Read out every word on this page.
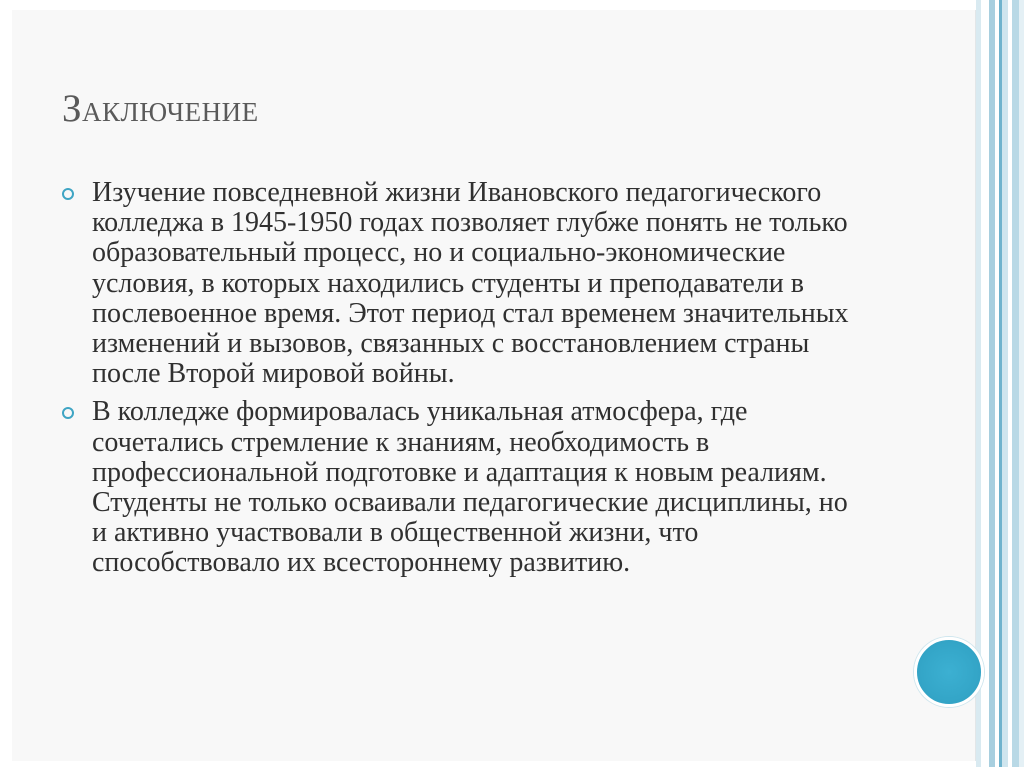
Заключение
Изучение повседневной жизни Ивановского педагогического колледжа в 1945-1950 годах позволяет глубже понять не только образовательный процесс, но и социально-экономические условия, в которых находились студенты и преподаватели в послевоенное время. Этот период стал временем значительных изменений и вызовов, связанных с восстановлением страны после Второй мировой войны.
В колледже формировалась уникальная атмосфера, где сочетались стремление к знаниям, необходимость в профессиональной подготовке и адаптация к новым реалиям. Студенты не только осваивали педагогические дисциплины, но и активно участвовали в общественной жизни, что способствовало их всестороннему развитию.
